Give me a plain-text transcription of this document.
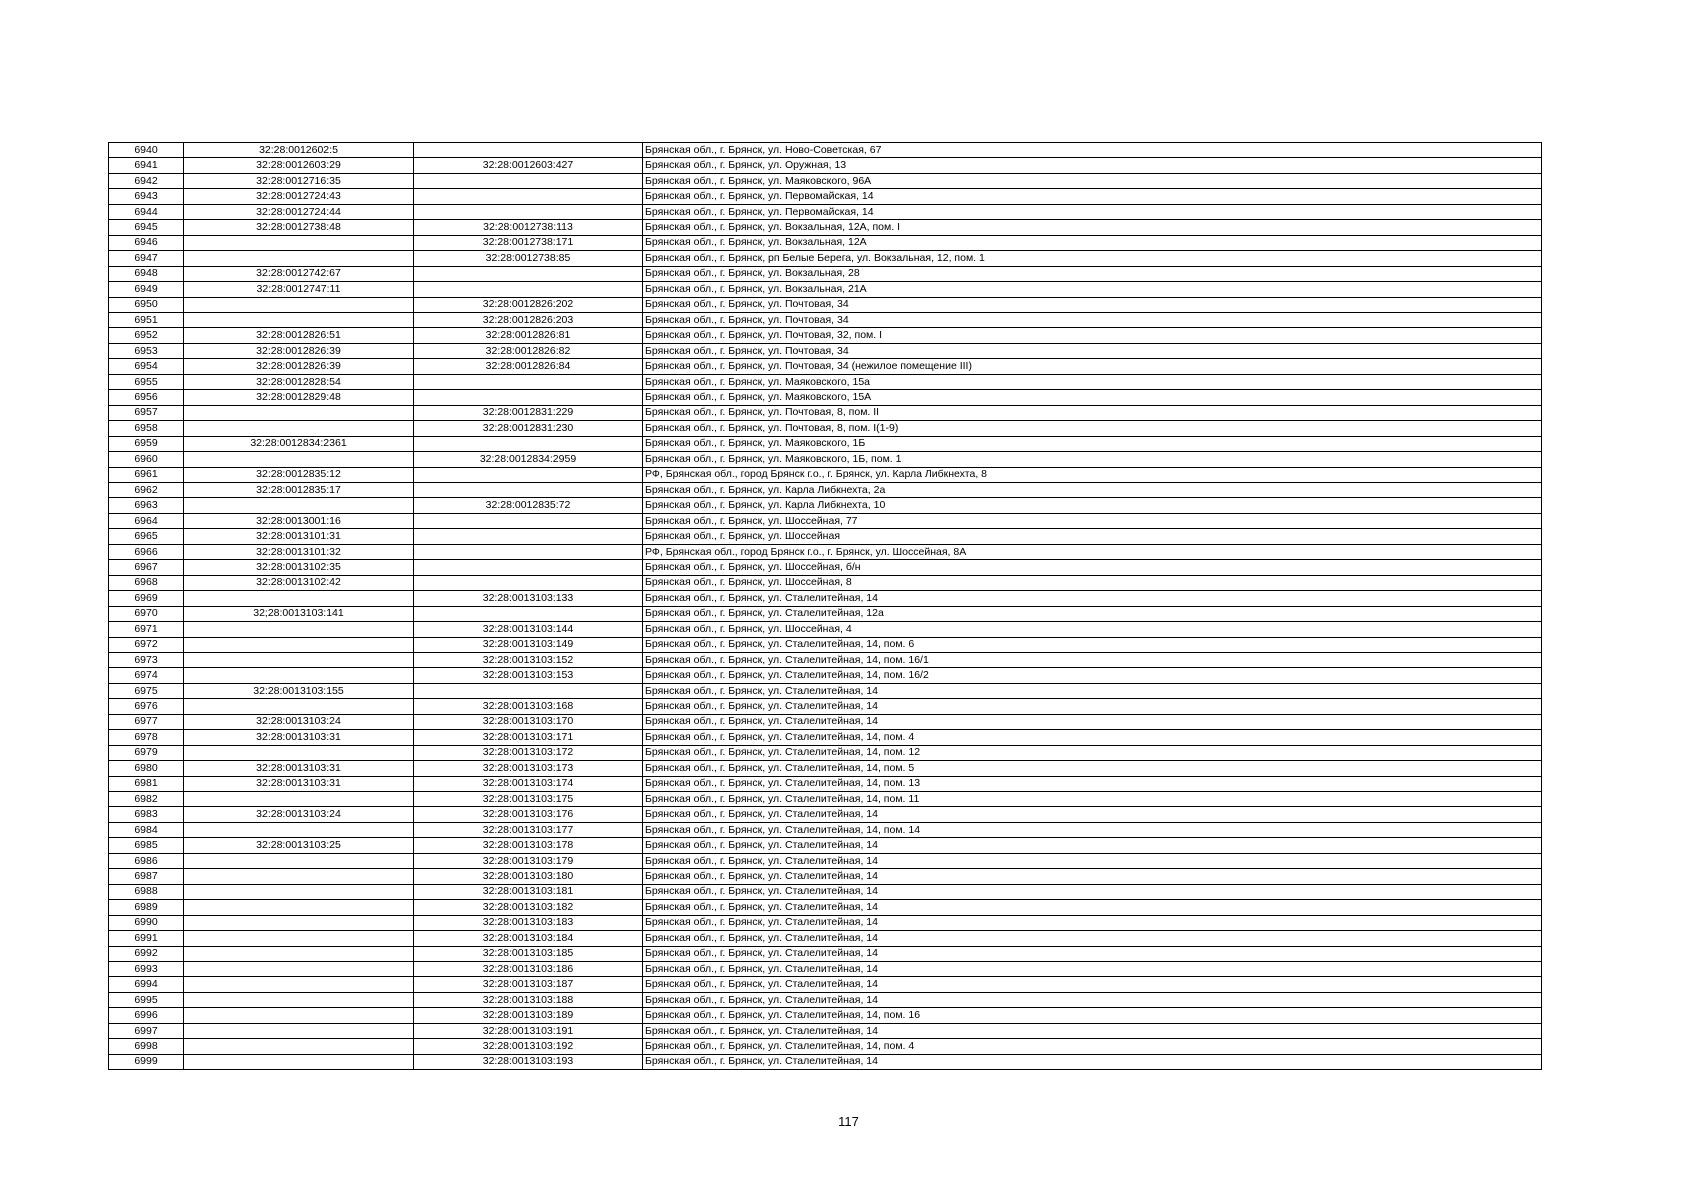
6940	32:28:0012602:5		Брянская обл., г. Брянск, ул. Ново-Советская, 67
6941	32:28:0012603:29	32:28:0012603:427	Брянская обл., г. Брянск, ул. Оружная, 13
6942	32:28:0012716:35		Брянская обл., г. Брянск, ул. Маяковского, 96А
6943	32:28:0012724:43		Брянская обл., г. Брянск, ул. Первомайская, 14
6944	32:28:0012724:44		Брянская обл., г. Брянск, ул. Первомайская, 14
6945	32:28:0012738:48	32:28:0012738:113	Брянская обл., г. Брянск, ул. Вокзальная, 12А, пом. I
6946		32:28:0012738:171	Брянская обл., г. Брянск, ул. Вокзальная, 12А
6947		32:28:0012738:85	Брянская обл., г. Брянск, рп Белые Берега, ул. Вокзальная, 12, пом. 1
6948	32:28:0012742:67		Брянская обл., г. Брянск, ул. Вокзальная, 28
6949	32:28:0012747:11		Брянская обл., г. Брянск, ул. Вокзальная, 21А
6950		32:28:0012826:202	Брянская обл., г. Брянск, ул. Почтовая, 34
6951		32:28:0012826:203	Брянская обл., г. Брянск, ул. Почтовая, 34
6952	32:28:0012826:51	32:28:0012826:81	Брянская обл., г. Брянск, ул. Почтовая, 32, пом. I
6953	32:28:0012826:39	32:28:0012826:82	Брянская обл., г. Брянск, ул. Почтовая, 34
6954	32:28:0012826:39	32:28:0012826:84	Брянская обл., г. Брянск, ул. Почтовая, 34 (нежилое помещение III)
6955	32:28:0012828:54		Брянская обл., г. Брянск, ул. Маяковского, 15а
6956	32:28:0012829:48		Брянская обл., г. Брянск, ул. Маяковского, 15А
6957		32:28:0012831:229	Брянская обл., г. Брянск, ул. Почтовая, 8, пом. II
6958		32:28:0012831:230	Брянская обл., г. Брянск, ул. Почтовая, 8, пом. I(1-9)
6959	32:28:0012834:2361		Брянская обл., г. Брянск, ул. Маяковского, 1Б
6960		32:28:0012834:2959	Брянская обл., г. Брянск, ул. Маяковского, 1Б, пом. 1
6961	32:28:0012835:12		РФ, Брянская обл., город Брянск г.о., г. Брянск, ул. Карла Либкнехта, 8
6962	32:28:0012835:17		Брянская обл., г. Брянск, ул. Карла Либкнехта, 2а
6963		32:28:0012835:72	Брянская обл., г. Брянск, ул. Карла Либкнехта, 10
6964	32:28:0013001:16		Брянская обл., г. Брянск, ул. Шоссейная, 77
6965	32:28:0013101:31		Брянская обл., г. Брянск, ул. Шоссейная
6966	32:28:0013101:32		РФ, Брянская обл., город Брянск г.о., г. Брянск, ул. Шоссейная, 8А
6967	32:28:0013102:35		Брянская обл., г. Брянск, ул. Шоссейная, б/н
6968	32:28:0013102:42		Брянская обл., г. Брянск, ул. Шоссейная, 8
6969		32:28:0013103:133	Брянская обл., г. Брянск, ул. Сталелитейная, 14
6970	32;28:0013103:141		Брянская обл., г. Брянск, ул. Сталелитейная, 12а
6971		32:28:0013103:144	Брянская обл., г. Брянск, ул. Шоссейная, 4
6972		32:28:0013103:149	Брянская обл., г. Брянск, ул. Сталелитейная, 14, пом. 6
6973		32:28:0013103:152	Брянская обл., г. Брянск, ул. Сталелитейная, 14, пом. 16/1
6974		32:28:0013103:153	Брянская обл., г. Брянск, ул. Сталелитейная, 14, пом. 16/2
6975	32:28:0013103:155		Брянская обл., г. Брянск, ул. Сталелитейная, 14
6976		32:28:0013103:168	Брянская обл., г. Брянск, ул. Сталелитейная, 14
6977	32:28:0013103:24	32:28:0013103:170	Брянская обл., г. Брянск, ул. Сталелитейная, 14
6978	32:28:0013103:31	32:28:0013103:171	Брянская обл., г. Брянск, ул. Сталелитейная, 14, пом. 4
6979		32:28:0013103:172	Брянская обл., г. Брянск, ул. Сталелитейная, 14, пом. 12
6980	32:28:0013103:31	32:28:0013103:173	Брянская обл., г. Брянск, ул. Сталелитейная, 14, пом. 5
6981	32:28:0013103:31	32:28:0013103:174	Брянская обл., г. Брянск, ул. Сталелитейная, 14, пом. 13
6982		32:28:0013103:175	Брянская обл., г. Брянск, ул. Сталелитейная, 14, пом. 11
6983	32:28:0013103:24	32:28:0013103:176	Брянская обл., г. Брянск, ул. Сталелитейная, 14
6984		32:28:0013103:177	Брянская обл., г. Брянск, ул. Сталелитейная, 14, пом. 14
6985	32:28:0013103:25	32:28:0013103:178	Брянская обл., г. Брянск, ул. Сталелитейная, 14
6986		32:28:0013103:179	Брянская обл., г. Брянск, ул. Сталелитейная, 14
6987		32:28:0013103:180	Брянская обл., г. Брянск, ул. Сталелитейная, 14
6988		32:28:0013103:181	Брянская обл., г. Брянск, ул. Сталелитейная, 14
6989		32:28:0013103:182	Брянская обл., г. Брянск, ул. Сталелитейная, 14
6990		32:28:0013103:183	Брянская обл., г. Брянск, ул. Сталелитейная, 14
6991		32:28:0013103:184	Брянская обл., г. Брянск, ул. Сталелитейная, 14
6992		32:28:0013103:185	Брянская обл., г. Брянск, ул. Сталелитейная, 14
6993		32:28:0013103:186	Брянская обл., г. Брянск, ул. Сталелитейная, 14
6994		32:28:0013103:187	Брянская обл., г. Брянск, ул. Сталелитейная, 14
6995		32:28:0013103:188	Брянская обл., г. Брянск, ул. Сталелитейная, 14
6996		32:28:0013103:189	Брянская обл., г. Брянск, ул. Сталелитейная, 14, пом. 16
6997		32:28:0013103:191	Брянская обл., г. Брянск, ул. Сталелитейная, 14
6998		32:28:0013103:192	Брянская обл., г. Брянск, ул. Сталелитейная, 14, пом. 4
6999		32:28:0013103:193	Брянская обл., г. Брянск, ул. Сталелитейная, 14
117
